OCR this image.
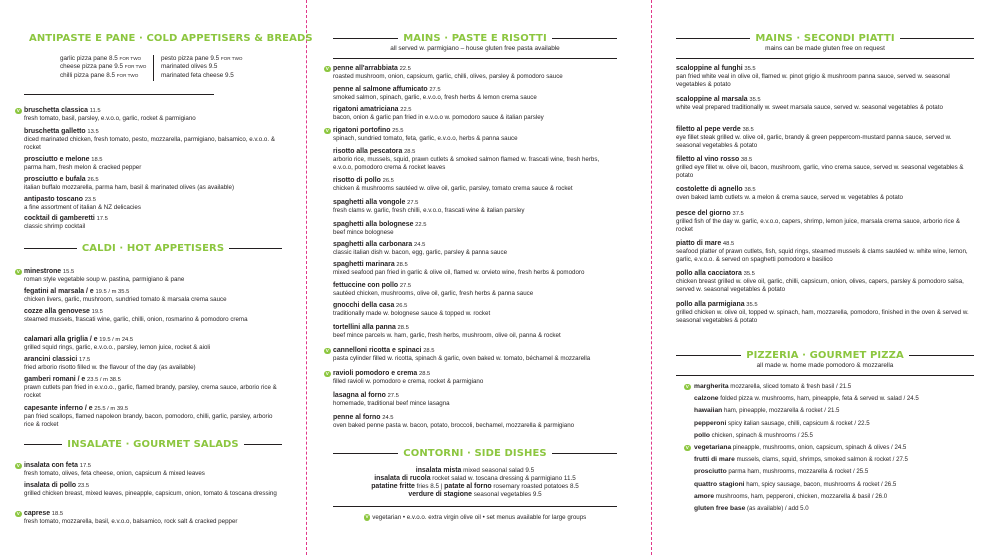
ANTIPASTE E PANE · COLD APPETISERS & BREADS
garlic pizza pane 8.5 FOR TWO
cheese pizza pane 9.5 FOR TWO
chilli pizza pane 8.5 FOR TWO
pesto pizza pane 9.5 FOR TWO
marinated olives 9.5
marinated feta cheese 9.5
V bruschetta classica 11.5
fresh tomato, basil, parsley, e.v.o.o, garlic, rocket & parmigiano
bruschetta galletto 13.5
diced marinated chicken, fresh tomato, pesto, mozzarella, parmigiano, balsamico, e.v.o.o. & rocket
prosciutto e melone 18.5
parma ham, fresh melon & cracked pepper
prosciutto e bufala 26.5
italian buffalo mozzarella, parma ham, basil & marinated olives (as available)
antipasto toscano 23.5
a fine assortment of italian & NZ delicacies
cocktail di gamberetti 17.5
classic shrimp cocktail
CALDI · HOT APPETISERS
V minestrone 15.5
roman style vegetable soup w. pastina, parmigiano & pane
fegatini al marsala / e 19.5 / m 35.5
chicken livers, garlic, mushroom, sundried tomato & marsala crema sauce
cozze alla genovese 19.5
steamed mussels, frascati wine, garlic, chilli, onion, rosmarino & pomodoro crema
calamari alla griglia / e 19.5 / m 24.5
grilled squid rings, garlic, e.v.o.o., parsley, lemon juice, rocket & aioli
arancini classici 17.5
fried arborio risotto filled w. the flavour of the day (as available)
gamberi romani / e 23.5 / m 38.5
prawn cutlets pan fried in e.v.o.o., garlic, flamed brandy, parsley, crema sauce, arborio rice & rocket
capesante inferno / e 25.5 / m 39.5
pan fried scallops, flamed napoleon brandy, bacon, pomodoro, chilli, garlic, parsley, arborio rice & rocket
INSALATE · GOURMET SALADS
V insalata con feta 17.5
fresh tomato, olives, feta cheese, onion, capsicum & mixed leaves
insalata di pollo 23.5
grilled chicken breast, mixed leaves, pineapple, capsicum, onion, tomato & toscana dressing
V caprese 18.5
fresh tomato, mozzarella, basil, e.v.o.o, balsamico, rock salt & cracked pepper
MAINS · PASTE E RISOTTI
all served w. parmigiano – house gluten free pasta available
V penne all'arrabbiata 22.5
roasted mushroom, onion, capsicum, garlic, chilli, olives, parsley & pomodoro sauce
penne al salmone affumicato 27.5
smoked salmon, spinach, garlic, e.v.o.o, fresh herbs & lemon crema sauce
rigatoni amatriciana 22.5
bacon, onion & garlic pan fried in e.v.o.o w. pomodoro sauce & italian parsley
V rigatoni portofino 25.5
spinach, sundried tomato, feta, garlic, e.v.o.o, herbs & panna sauce
risotto alla pescatora 28.5
arborio rice, mussels, squid, prawn cutlets & smoked salmon flamed w. frascati wine, fresh herbs, e.v.o.o, pomodoro crema & rocket leaves
risotto di pollo 26.5
chicken & mushrooms sautéed w. olive oil, garlic, parsley, tomato crema sauce & rocket
spaghetti alla vongole 27.5
fresh clams w. garlic, fresh chilli, e.v.o.o, frascati wine & italian parsley
spaghetti alla bolognese 22.5
beef mince bolognese
spaghetti alla carbonara 24.5
classic italian dish w. bacon, egg, garlic, parsley & panna sauce
spaghetti marinara 28.5
mixed seafood pan fried in garlic & olive oil, flamed w. orvieto wine, fresh herbs & pomodoro
fettuccine con pollo 27.5
sautéed chicken, mushrooms, olive oil, garlic, fresh herbs & panna sauce
gnocchi della casa 26.5
traditionally made w. bolognese sauce & topped w. rocket
tortellini alla panna 28.5
beef mince parcels w. ham, garlic, fresh herbs, mushroom, olive oil, panna & rocket
V cannelloni ricotta e spinaci 28.5
pasta cylinder filled w. ricotta, spinach & garlic, oven baked w. tomato, béchamel & mozzarella
V ravioli pomodoro e crema 28.5
filled ravioli w. pomodoro e crema, rocket & parmigiano
lasagna al forno 27.5
homemade, traditional beef mince lasagna
penne al forno 24.5
oven baked penne pasta w. bacon, potato, broccoli, bechamel, mozzarella & parmigiano
CONTORNI · SIDE DISHES
insalata mista mixed seasonal salad 9.5
insalata di rucola rocket salad w. toscana dressing & parmigiano 11.5
patatine fritte fries 8.5 | patate al forno rosemary roasted potatoes 8.5
verdure di stagione seasonal vegetables 9.5
V vegetarian • e.v.o.o. extra virgin olive oil • set menus available for large groups
MAINS · SECONDI PIATTI
mains can be made gluten free on request
scaloppine al funghi 35.5
pan fried white veal in olive oil, flamed w. pinot grigio & mushroom panna sauce, served w. seasonal vegetables & potato
scaloppine al marsala 35.5
white veal prepared traditionally w. sweet marsala sauce, served w. seasonal vegetables & potato
filetto al pepe verde 38.5
eye fillet steak grilled w. olive oil, garlic, brandy & green peppercorn-mustard panna sauce, served w. seasonal vegetables & potato
filetto al vino rosso 38.5
grilled eye fillet w. olive oil, bacon, mushroom, garlic, vino crema sauce, served w. seasonal vegetables & potato
costolette di agnello 38.5
oven baked lamb cutlets w. a melon & crema sauce, served w. vegetables & potato
pesce del giorno 37.5
grilled fish of the day w. garlic, e.v.o.o, capers, shrimp, lemon juice, marsala crema sauce, arborio rice & rocket
piatto di mare 48.5
seafood platter of prawn cutlets, fish, squid rings, steamed mussels & clams sautéed w. white wine, lemon, garlic, e.v.o.o. & served on spaghetti pomodoro e basilico
pollo alla cacciatora 35.5
chicken breast grilled w. olive oil, garlic, chilli, capsicum, onion, olives, capers, parsley & pomodoro salsa, served w. seasonal vegetables & potato
pollo alla parmigiana 35.5
grilled chicken w. olive oil, topped w. spinach, ham, mozzarella, pomodoro, finished in the oven & served w. seasonal vegetables & potato
PIZZERIA · GOURMET PIZZA
all made w. home made pomodoro & mozzarella
V margherita mozzarella, sliced tomato & fresh basil / 21.5
calzone folded pizza w. mushrooms, ham, pineapple, feta & served w. salad / 24.5
hawaiian ham, pineapple, mozzarella & rocket / 21.5
pepperoni spicy italian sausage, chilli, capsicum & rocket / 22.5
pollo chicken, spinach & mushrooms / 25.5
V vegetariana pineapple, mushrooms, onion, capsicum, spinach & olives / 24.5
frutti di mare mussels, clams, squid, shrimps, smoked salmon & rocket / 27.5
prosciutto parma ham, mushrooms, mozzarella & rocket / 25.5
quattro stagioni ham, spicy sausage, bacon, mushrooms & rocket / 26.5
amore mushrooms, ham, pepperoni, chicken, mozzarella & basil / 26.0
gluten free base (as available) / add 5.0
